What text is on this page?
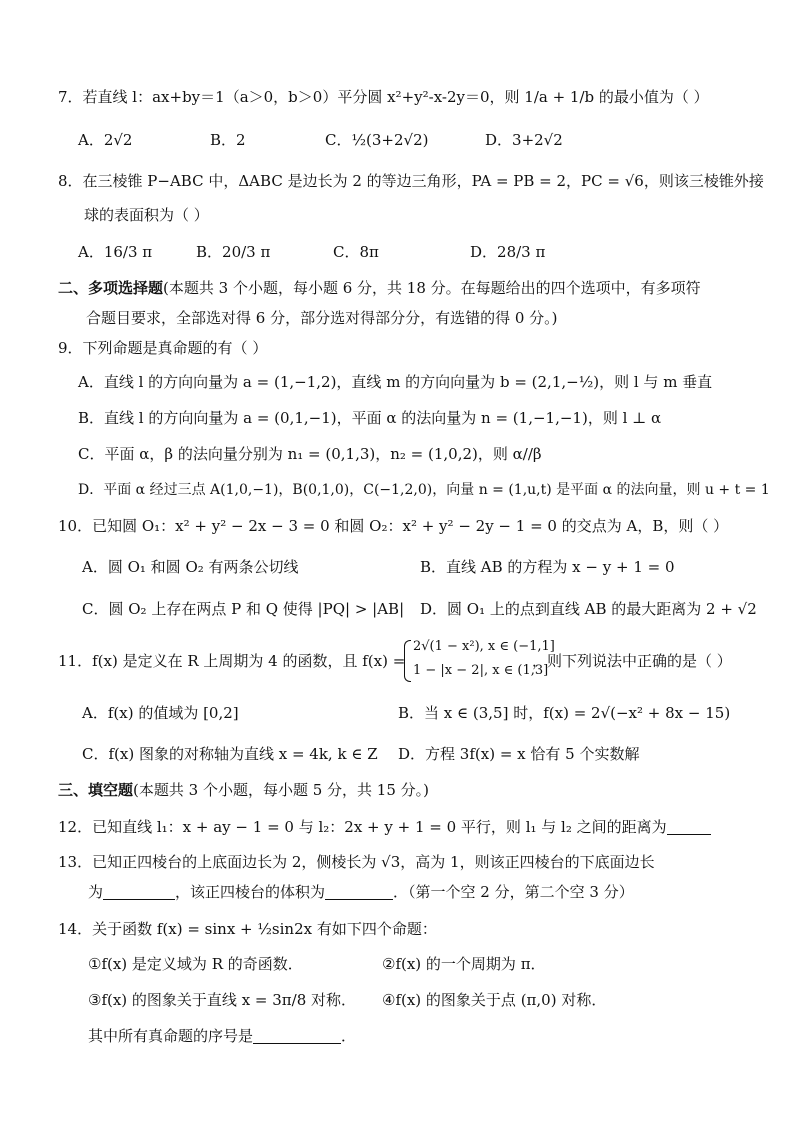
7．若直线 l：ax+by＝1（a＞0，b＞0）平分圆 x²+y²-x-2y＝0，则 1/a + 1/b 的最小值为（ ）
A．2√2	B．2	C．½(3+2√2)	D．3+2√2
8．在三棱锥 P−ABC 中，ΔABC 是边长为 2 的等边三角形，PA = PB = 2，PC = √6，则该三棱锥外接
球的表面积为（ ）
A．16/3 π	B．20/3 π	C．8π	D．28/3 π
二、多项选择题(本题共 3 个小题，每小题 6 分，共 18 分。在每题给出的四个选项中，有多项符
合题目要求，全部选对得 6 分，部分选对得部分分，有选错的得 0 分。)
9．下列命题是真命题的有（ ）
A．直线 l 的方向向量为 a = (1,−1,2)，直线 m 的方向向量为 b = (2,1,−½)，则 l 与 m 垂直
B．直线 l 的方向向量为 a = (0,1,−1)，平面 α 的法向量为 n = (1,−1,−1)，则 l ⊥ α
C．平面 α，β 的法向量分别为 n₁ = (0,1,3)，n₂ = (1,0,2)，则 α//β
D．平面 α 经过三点 A(1,0,−1)，B(0,1,0)，C(−1,2,0)，向量 n = (1,u,t) 是平面 α 的法向量，则 u + t = 1
10．已知圆 O₁：x² + y² − 2x − 3 = 0 和圆 O₂：x² + y² − 2y − 1 = 0 的交点为 A，B，则（ ）
A．圆 O₁ 和圆 O₂ 有两条公切线	B．直线 AB 的方程为 x − y + 1 = 0
C．圆 O₂ 上存在两点 P 和 Q 使得 |PQ| > |AB| D．圆 O₁ 上的点到直线 AB 的最大距离为 2 + √2
11．f(x) 是定义在 R 上周期为 4 的函数，且 f(x) =
2√(1 − x²), x ∈ (−1,1]
1 − |x − 2|, x ∈ (1,3]
，则下列说法中正确的是（ ）
A．f(x) 的值域为 [0,2]	B．当 x ∈ (3,5] 时，f(x) = 2√(−x² + 8x − 15)
C．f(x) 图象的对称轴为直线 x = 4k, k ∈ Z D．方程 3f(x) = x 恰有 5 个实数解
三、填空题(本题共 3 个小题，每小题 5 分，共 15 分。)
12．已知直线 l₁：x + ay − 1 = 0 与 l₂：2x + y + 1 = 0 平行，则 l₁ 与 l₂ 之间的距离为
13．已知正四棱台的上底面边长为 2，侧棱长为 √3，高为 1，则该正四棱台的下底面边长
为	，该正四棱台的体积为	．（第一个空 2 分，第二个空 3 分）
14．关于函数 f(x) = sinx + ½sin2x 有如下四个命题：
①f(x) 是定义域为 R 的奇函数．	②f(x) 的一个周期为 π．
③f(x) 的图象关于直线 x = 3π/8 对称． ④f(x) 的图象关于点 (π,0) 对称．
其中所有真命题的序号是	．
